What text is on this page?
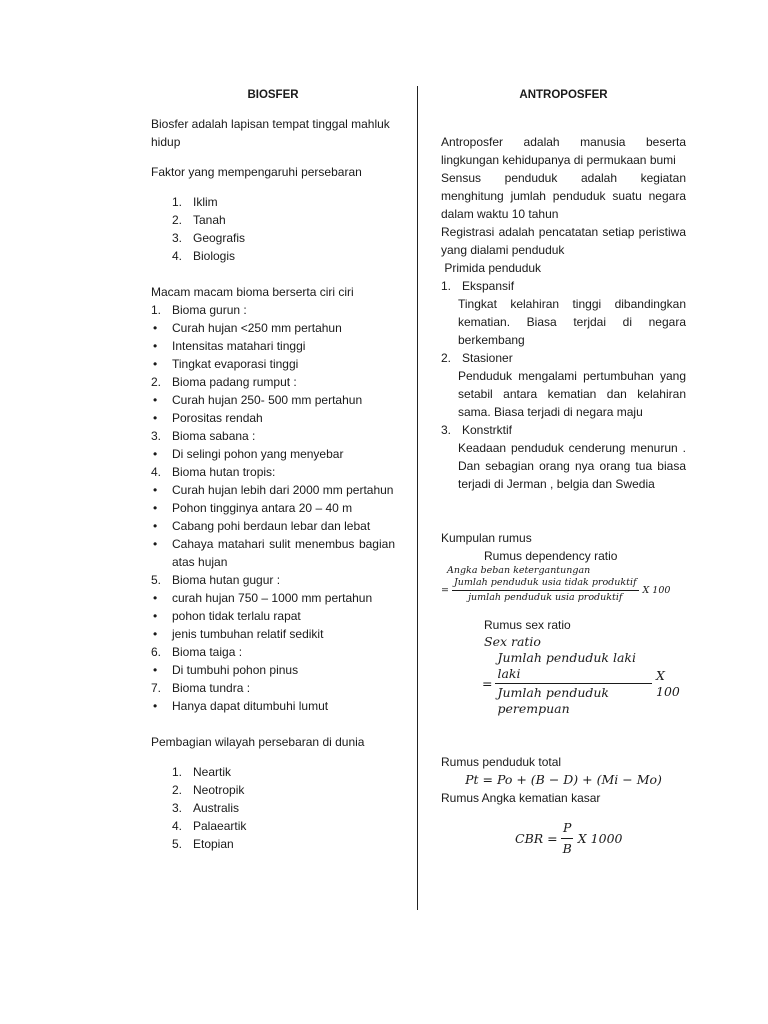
BIOSFER

Biosfer adalah lapisan tempat tinggal mahluk hidup

Faktor yang mempengaruhi persebaran

1. Iklim
2. Tanah
3. Geografis
4. Biologis

Macam macam bioma berserta ciri ciri

1. Bioma gurun :
• Curah hujan <250 mm pertahun
• Intensitas matahari tinggi
• Tingkat evaporasi tinggi
2. Bioma padang rumput :
• Curah hujan 250- 500 mm pertahun
• Porositas rendah
3. Bioma sabana :
• Di selingi pohon yang menyebar
4. Bioma hutan tropis:
• Curah hujan lebih dari 2000 mm pertahun
• Pohon tingginya antara 20 – 40 m
• Cabang pohi berdaun lebar dan lebat
• Cahaya matahari sulit menembus bagian atas hujan
5. Bioma hutan gugur :
• curah hujan 750 – 1000 mm pertahun
• pohon tidak terlalu rapat
• jenis tumbuhan relatif sedikit
6. Bioma taiga :
• Di tumbuhi pohon pinus
7. Bioma tundra :
• Hanya dapat ditumbuhi lumut

Pembagian wilayah persebaran di dunia

1. Neartik
2. Neotropik
3. Australis
4. Palaeartik
5. Etopian
ANTROPOSFER

Antroposfer adalah manusia beserta lingkungan kehidupanya di permukaan bumi

Sensus penduduk adalah kegiatan menghitung jumlah penduduk suatu negara dalam waktu 10 tahun

Registrasi adalah pencatatan setiap peristiwa yang dialami penduduk

Primida penduduk

1. Ekspansif

Tingkat kelahiran tinggi dibandingkan kematian. Biasa terjdai di negara berkembang

2. Stasioner

Penduduk mengalami pertumbuhan yang setabil antara kematian dan kelahiran sama. Biasa terjadi di negara maju

3. Konstrktif

Keadaan penduduk cenderung menurun . Dan sebagian orang nya orang tua biasa terjadi di Jerman , belgia dan Swedia

Kumpulan rumus

Rumus dependency ratio

Angka beban ketergantungan
= $\frac{\text{Jumlah penduduk usia tidak produktif}}{\text{jumlah penduduk usia produktif}}$ X 100

Rumus sex ratio

Sex ratio
= $\frac{\text{Jumlah penduduk laki laki}}{\text{Jumlah penduduk perempuan}}$ X 100

Rumus penduduk total

Pt = Po + (B − D) + (Mi − Mo)

Rumus Angka kematian kasar

CBR = $\frac{P}{B}$ X 1000
